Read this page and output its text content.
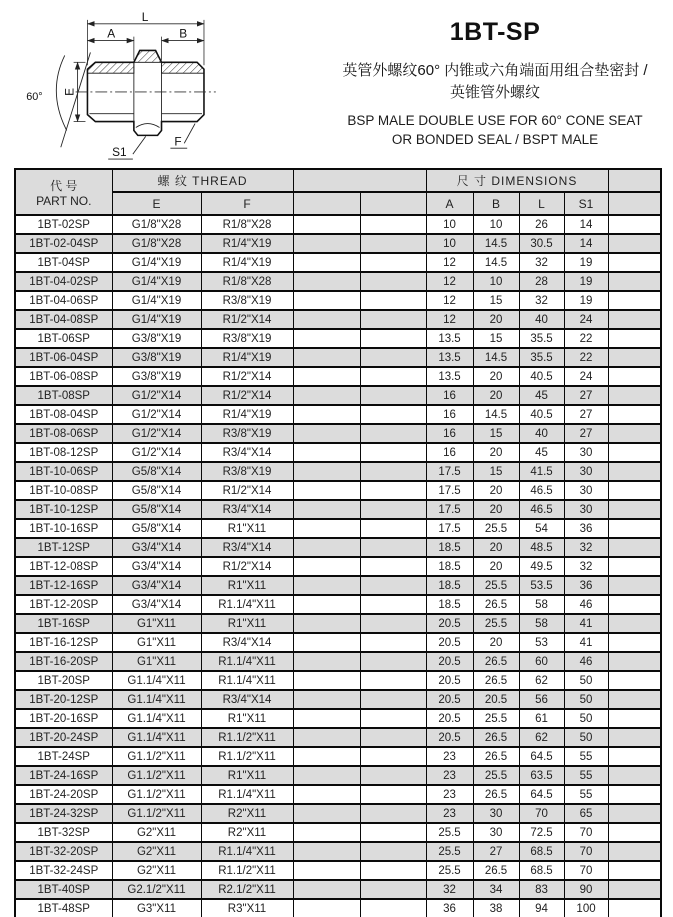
L
A	B
E
60°
S1
F
1BT-SP
英管外螺纹60° 内锥或六角端面用组合垫密封 /
英锥管外螺纹
BSP MALE DOUBLE USE FOR 60° CONE SEAT
OR BONDED SEAL / BSPT MALE
代 号
PART NO.	螺 纹 THREAD				尺 寸 DIMENSIONS				
	E	F			A	B	L	S1	
1BT-02SP	G1/8"X28	R1/8"X28			10	10	26	14	
1BT-02-04SP	G1/8"X28	R1/4"X19			10	14.5	30.5	14	
1BT-04SP	G1/4"X19	R1/4"X19			12	14.5	32	19	
1BT-04-02SP	G1/4"X19	R1/8"X28			12	10	28	19	
1BT-04-06SP	G1/4"X19	R3/8"X19			12	15	32	19	
1BT-04-08SP	G1/4"X19	R1/2"X14			12	20	40	24	
1BT-06SP	G3/8"X19	R3/8"X19			13.5	15	35.5	22	
1BT-06-04SP	G3/8"X19	R1/4"X19			13.5	14.5	35.5	22	
1BT-06-08SP	G3/8"X19	R1/2"X14			13.5	20	40.5	24	
1BT-08SP	G1/2"X14	R1/2"X14			16	20	45	27	
1BT-08-04SP	G1/2"X14	R1/4"X19			16	14.5	40.5	27	
1BT-08-06SP	G1/2"X14	R3/8"X19			16	15	40	27	
1BT-08-12SP	G1/2"X14	R3/4"X14			16	20	45	30	
1BT-10-06SP	G5/8"X14	R3/8"X19			17.5	15	41.5	30	
1BT-10-08SP	G5/8"X14	R1/2"X14			17.5	20	46.5	30	
1BT-10-12SP	G5/8"X14	R3/4"X14			17.5	20	46.5	30	
1BT-10-16SP	G5/8"X14	R1"X11			17.5	25.5	54	36	
1BT-12SP	G3/4"X14	R3/4"X14			18.5	20	48.5	32	
1BT-12-08SP	G3/4"X14	R1/2"X14			18.5	20	49.5	32	
1BT-12-16SP	G3/4"X14	R1"X11			18.5	25.5	53.5	36	
1BT-12-20SP	G3/4"X14	R1.1/4"X11			18.5	26.5	58	46	
1BT-16SP	G1"X11	R1"X11			20.5	25.5	58	41	
1BT-16-12SP	G1"X11	R3/4"X14			20.5	20	53	41	
1BT-16-20SP	G1"X11	R1.1/4"X11			20.5	26.5	60	46	
1BT-20SP	G1.1/4"X11	R1.1/4"X11			20.5	26.5	62	50	
1BT-20-12SP	G1.1/4"X11	R3/4"X14			20.5	20.5	56	50	
1BT-20-16SP	G1.1/4"X11	R1"X11			20.5	25.5	61	50	
1BT-20-24SP	G1.1/4"X11	R1.1/2"X11			20.5	26.5	62	50	
1BT-24SP	G1.1/2"X11	R1.1/2"X11			23	26.5	64.5	55	
1BT-24-16SP	G1.1/2"X11	R1"X11			23	25.5	63.5	55	
1BT-24-20SP	G1.1/2"X11	R1.1/4"X11			23	26.5	64.5	55	
1BT-24-32SP	G1.1/2"X11	R2"X11			23	30	70	65	
1BT-32SP	G2"X11	R2"X11			25.5	30	72.5	70	
1BT-32-20SP	G2"X11	R1.1/4"X11			25.5	27	68.5	70	
1BT-32-24SP	G2"X11	R1.1/2"X11			25.5	26.5	68.5	70	
1BT-40SP	G2.1/2"X11	R2.1/2"X11			32	34	83	90	
1BT-48SP	G3"X11	R3"X11			36	38	94	100	
